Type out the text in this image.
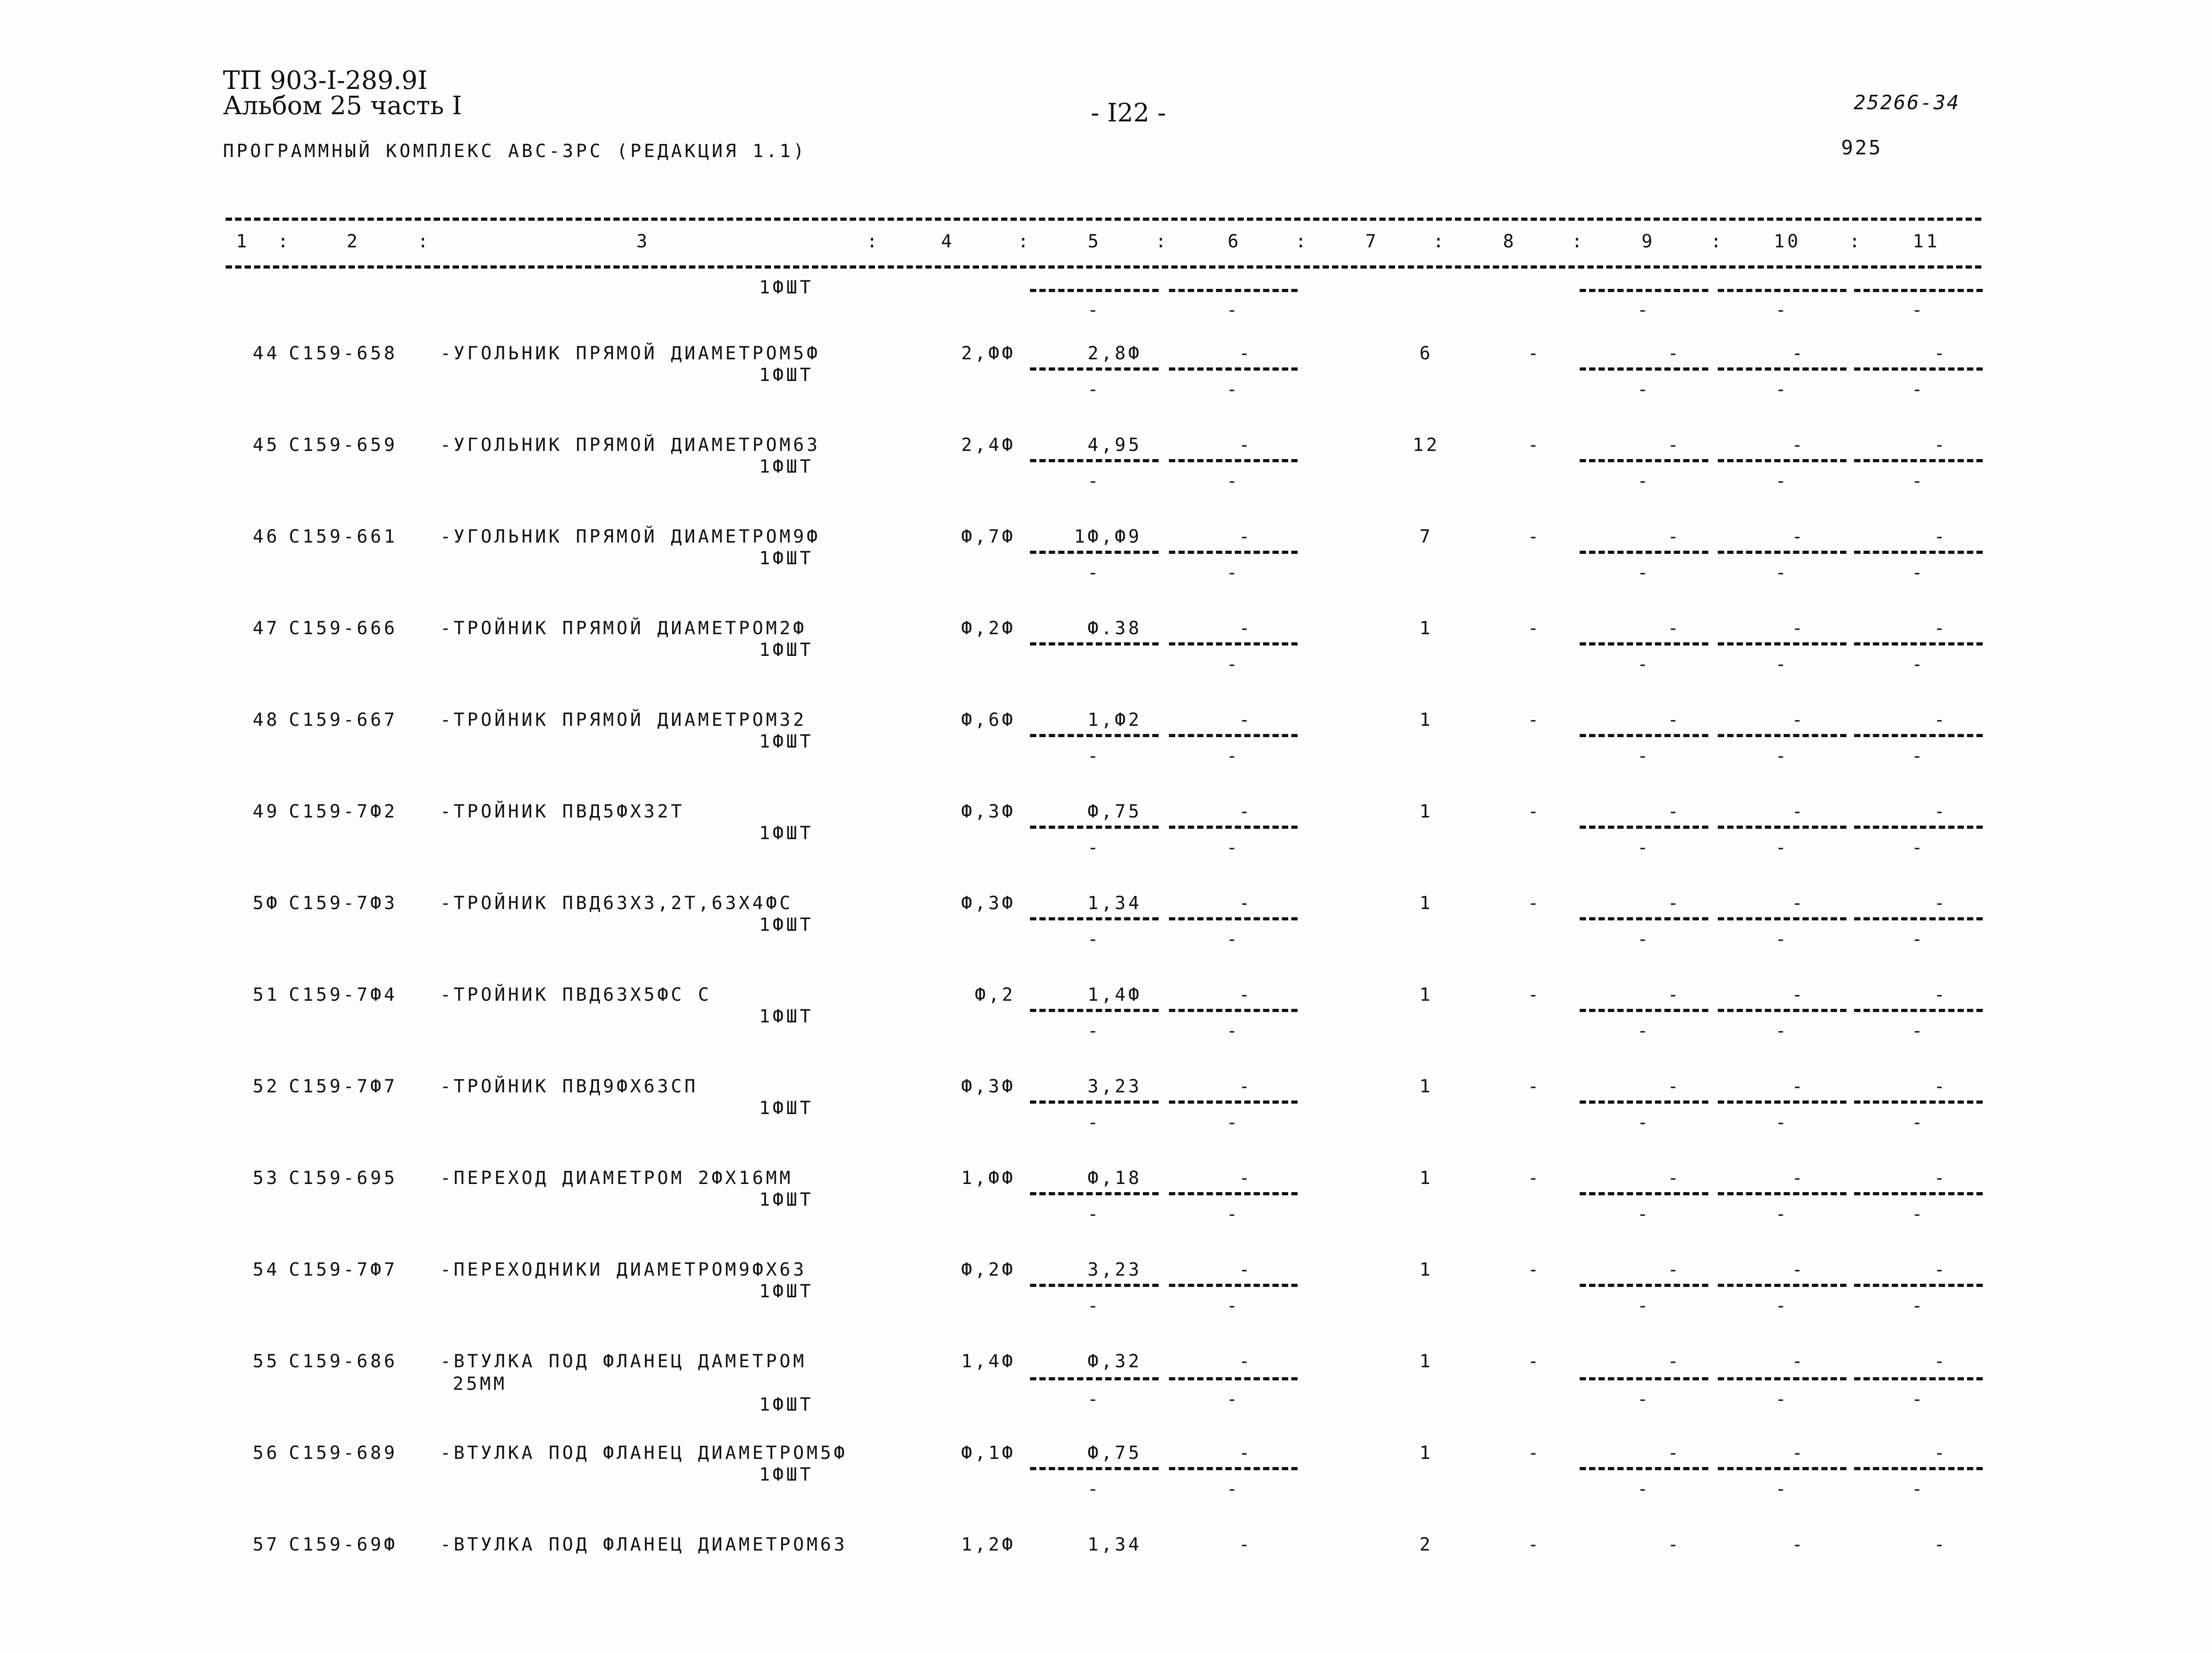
ТП 903-I-289.9I
Альбом 25 часть I	- I22 -	25266-34
925
ПРОГРАММНЫЙ КОМПЛЕКС АВС-ЗРС (РЕДАКЦИЯ 1.1)
1	2	3	4	5	6	7	8	9	10	11
:	:	:	:	:	:	:	:	:	:
1ФШТ
-	-	-	-	-
44 С159-658 -УГОЛЬНИК ПРЯМОЙ ДИАМЕТРОМ5Ф
1ФШТ
2,ФФ	2,8Ф	-	6	-	-	-	-
-	-	-	-	-
45 С159-659 -УГОЛЬНИК ПРЯМОЙ ДИАМЕТРОМ63
1ФШТ
2,4Ф	4,95	-	12	-	-	-	-
-	-	-	-	-
46 С159-661 -УГОЛЬНИК ПРЯМОЙ ДИАМЕТРОМ9Ф
1ФШТ
Ф,7Ф	1Ф,Ф9	-	7	-	-	-	-
-	-	-	-	-
47 С159-666 -ТРОЙНИК ПРЯМОЙ ДИАМЕТРОМ2Ф
1ФШТ
Ф,2Ф	Ф.38	-	1	-	-	-	-
-	-	-	-
48 С159-667 -ТРОЙНИК ПРЯМОЙ ДИАМЕТРОМ32
1ФШТ
Ф,6Ф	1,Ф2	-	1	-	-	-	-
-	-	-	-	-
49 С159-7Ф2 -ТРОЙНИК ПВД5ФХ32Т
1ФШТ
Ф,3Ф	Ф,75	-	1	-	-	-	-
-	-	-	-	-
5Ф С159-7Ф3 -ТРОЙНИК ПВД63Х3,2Т,63Х4ФС
1ФШТ
Ф,3Ф	1,34	-	1	-	-	-	-
-	-	-	-	-
51 С159-7Ф4 -ТРОЙНИК ПВД63Х5ФС С
1ФШТ
Ф,2	1,4Ф	-	1	-	-	-	-
-	-	-	-	-
52 С159-7Ф7 -ТРОЙНИК ПВД9ФХ63СП
1ФШТ
Ф,3Ф	3,23	-	1	-	-	-	-
-	-	-	-	-
53 С159-695 -ПЕРЕХОД ДИАМЕТРОМ 2ФХ16ММ
1ФШТ
1,ФФ	Ф,18	-	1	-	-	-	-
-	-	-	-	-
54 С159-7Ф7 -ПЕРЕХОДНИКИ ДИАМЕТРОМ9ФХ63
1ФШТ
Ф,2Ф	3,23	-	1	-	-	-	-
-	-	-	-	-
55 С159-686 -ВТУЛКА ПОД ФЛАНЕЦ ДАМЕТРОМ
25ММ
1ФШТ
1,4Ф	Ф,32	-	1	-	-	-	-
-	-	-	-	-
56 С159-689 -ВТУЛКА ПОД ФЛАНЕЦ ДИАМЕТРОМ5Ф
1ФШТ
Ф,1Ф	Ф,75	-	1	-	-	-	-
-	-	-	-	-
57 С159-69Ф -ВТУЛКА ПОД ФЛАНЕЦ ДИАМЕТРОМ63	1,2Ф	1,34	-	2	-	-	-	-
